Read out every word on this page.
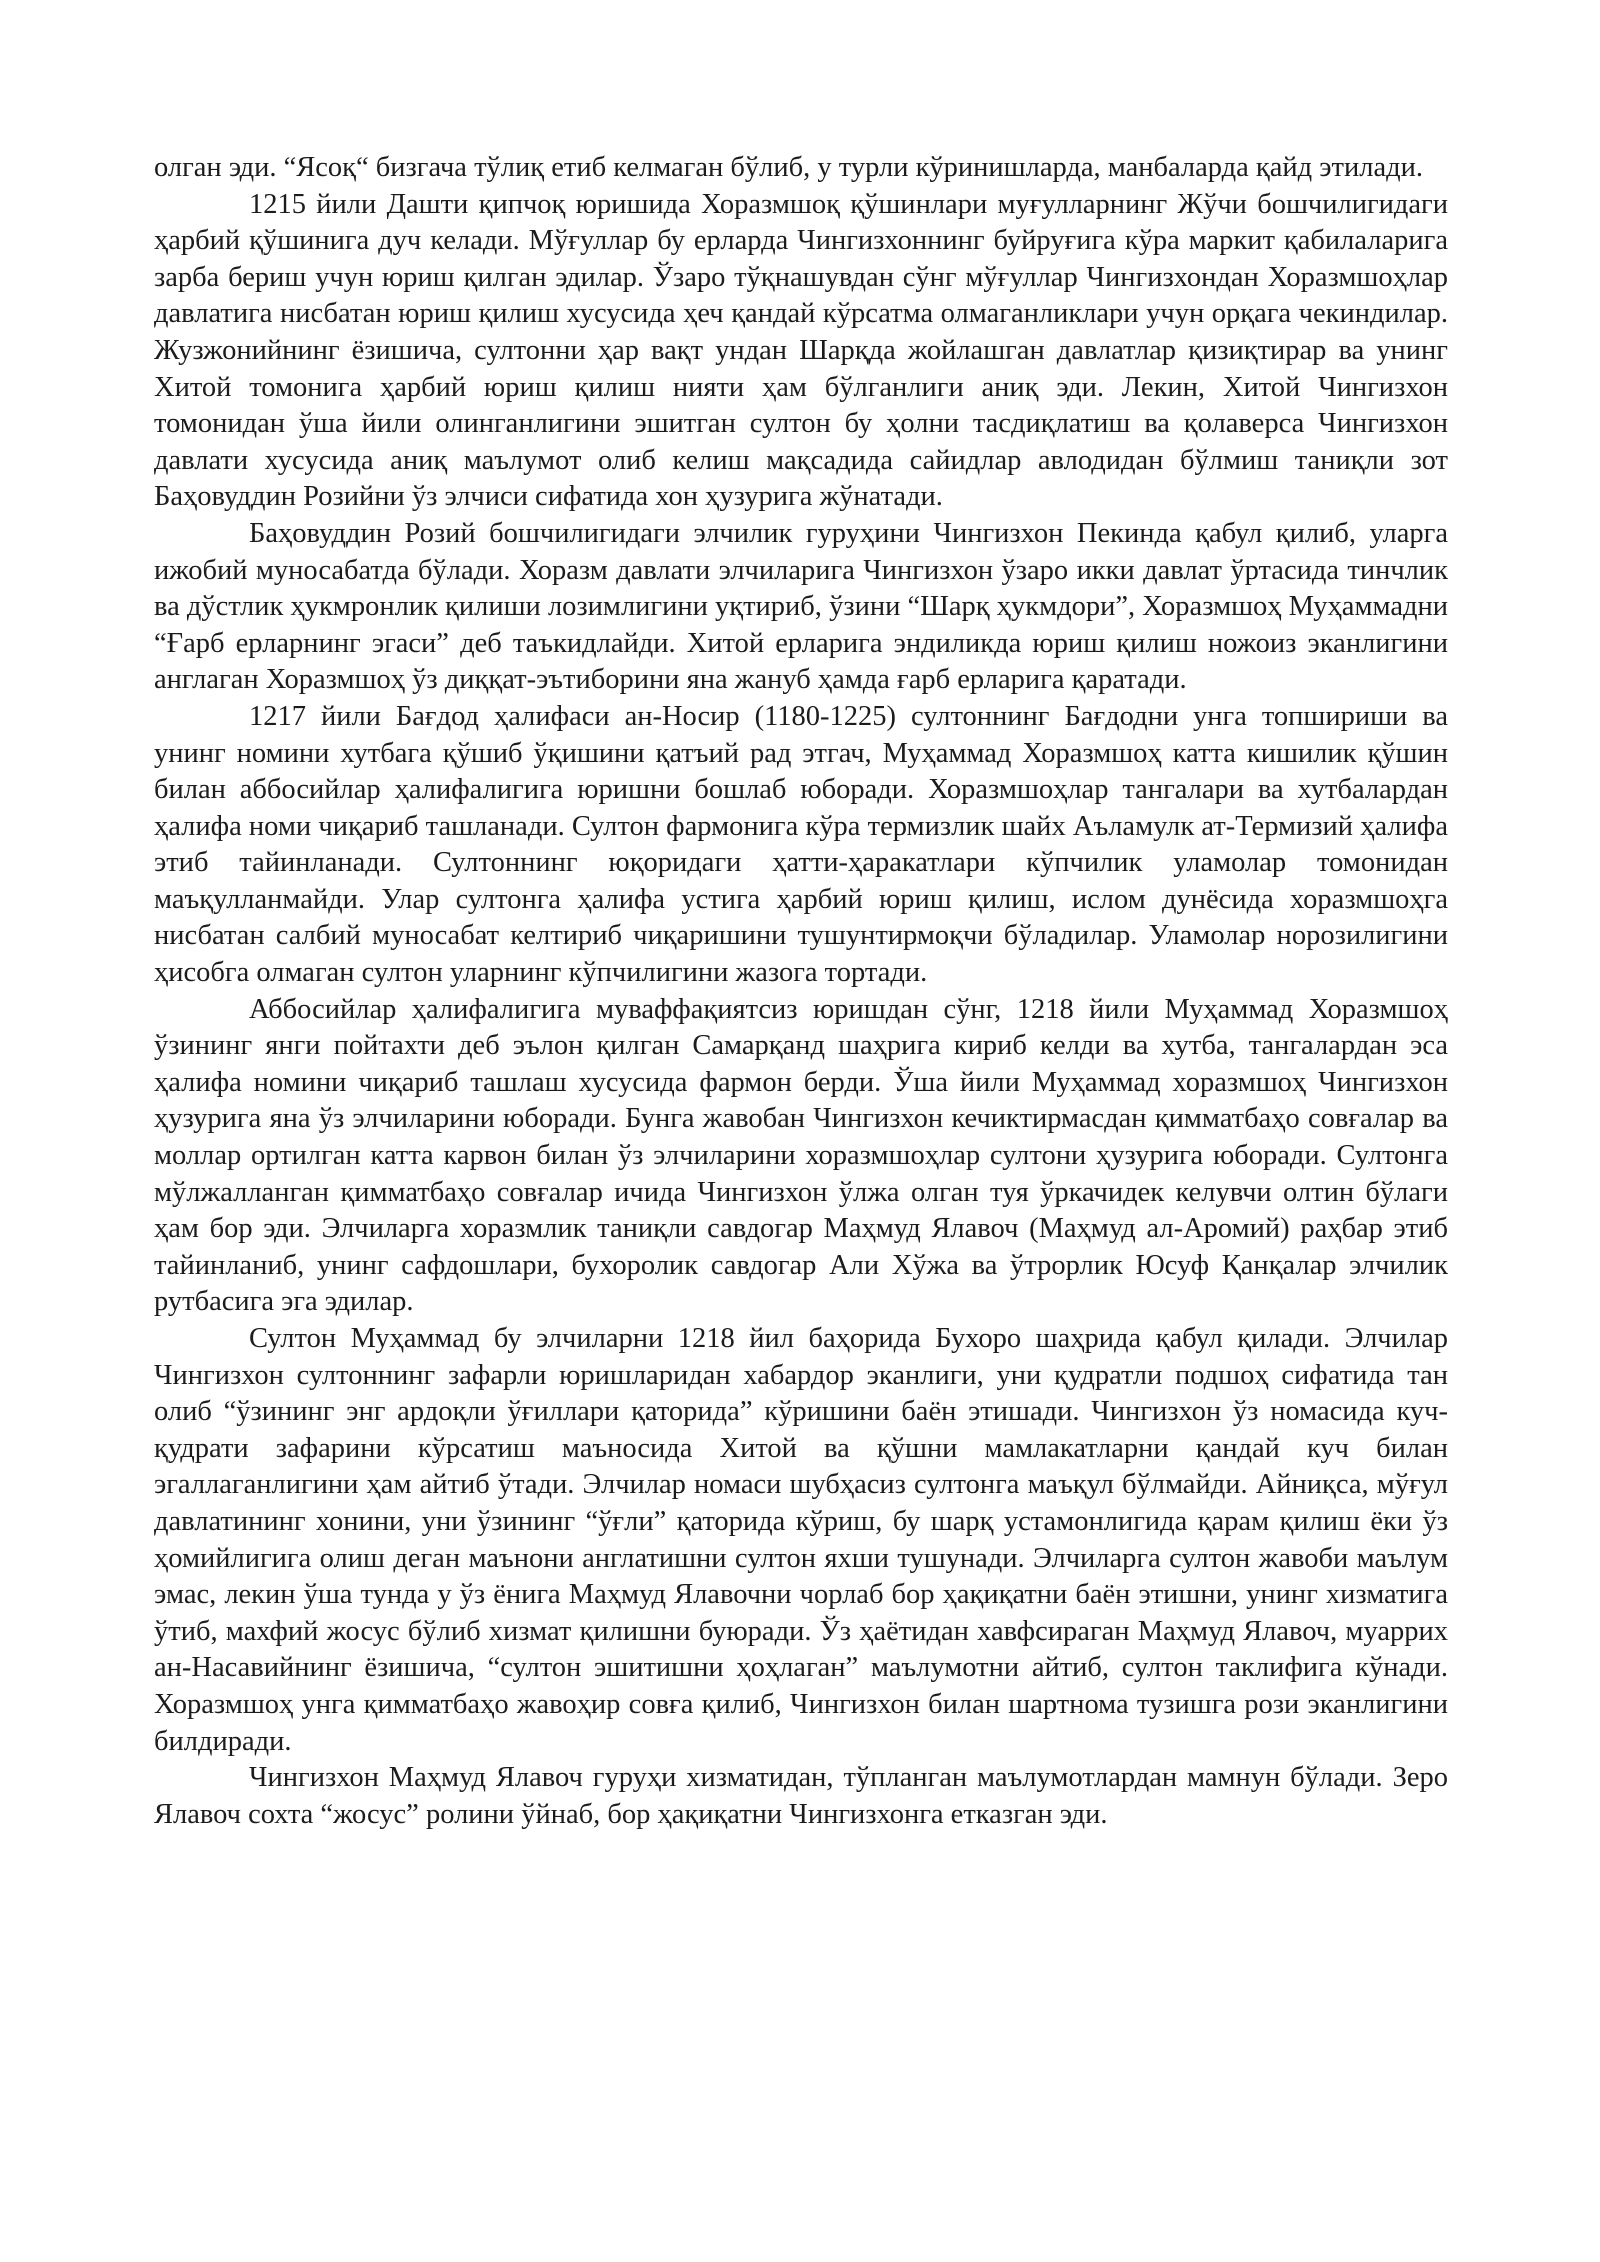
олган эди. “Ясоқ“ бизгача тўлиқ етиб келмаган бўлиб, у турли кўринишларда, манбаларда қайд этилади.

1215 йили Дашти қипчоқ юришида Хоразмшоқ қўшинлари муғулларнинг Жўчи бошчилигидаги ҳарбий қўшинига дуч келади. Мўғуллар бу ерларда Чингизхоннинг буйруғига кўра маркит қабилаларига зарба бериш учун юриш қилган эдилар. Ўзаро тўқнашувдан сўнг мўғуллар Чингизхондан Хоразмшоҳлар давлатига нисбатан юриш қилиш хусусида ҳеч қандай кўрсатма олмаганликлари учун орқага чекиндилар. Жузжонийнинг ёзишича, султонни ҳар вақт ундан Шарқда жойлашган давлатлар қизиқтирар ва унинг Хитой томонига ҳарбий юриш қилиш нияти ҳам бўлганлиги аниқ эди. Лекин, Хитой Чингизхон томонидан ўша йили олинганлигини эшитган султон бу ҳолни тасдиқлатиш ва қолаверса Чингизхон давлати хусусида аниқ маълумот олиб келиш мақсадида сайидлар авлодидан бўлмиш таниқли зот Баҳовуддин Розийни ўз элчиси сифатида хон ҳузурига жўнатади.

Баҳовуддин Розий бошчилигидаги элчилик гуруҳини Чингизхон Пекинда қабул қилиб, уларга ижобий муносабатда бўлади. Хоразм давлати элчиларига Чингизхон ўзаро икки давлат ўртасида тинчлик ва дўстлик ҳукмронлик қилиши лозимлигини уқтириб, ўзини “Шарқ ҳукмдори”, Хоразмшоҳ Муҳаммадни “Ғарб ерларнинг эгаси” деб таъкидлайди. Хитой ерларига эндиликда юриш қилиш ножоиз эканлигини англаган Хоразмшоҳ ўз диққат-эътиборини яна жануб ҳамда ғарб ерларига қаратади.

1217 йили Бағдод ҳалифаси ан-Носир (1180-1225) султоннинг Бағдодни унга топшириши ва унинг номини хутбага қўшиб ўқишини қатъий рад этгач, Муҳаммад Хоразмшоҳ катта кишилик қўшин билан аббосийлар ҳалифалигига юришни бошлаб юборади. Хоразмшоҳлар тангалари ва хутбалардан ҳалифа номи чиқариб ташланади. Султон фармонига кўра термизлик шайх Аъламулк ат-Термизий ҳалифа этиб тайинланади. Султоннинг юқоридаги ҳатти-ҳаракатлари кўпчилик уламолар томонидан маъқулланмайди. Улар султонга ҳалифа устига ҳарбий юриш қилиш, ислом дунёсида хоразмшоҳга нисбатан салбий муносабат келтириб чиқаришини тушунтирмоқчи бўладилар. Уламолар норозилигини ҳисобга олмаган султон уларнинг кўпчилигини жазога тортади.

Аббосийлар ҳалифалигига муваффақиятсиз юришдан сўнг, 1218 йили Муҳаммад Хоразмшоҳ ўзининг янги пойтахти деб эълон қилган Самарқанд шаҳрига кириб келди ва хутба, тангалардан эса ҳалифа номини чиқариб ташлаш хусусида фармон берди. Ўша йили Муҳаммад хоразмшоҳ Чингизхон ҳузурига яна ўз элчиларини юборади. Бунга жавобан Чингизхон кечиктирмасдан қимматбаҳо совғалар ва моллар ортилган катта карвон билан ўз элчиларини хоразмшоҳлар султони ҳузурига юборади. Султонга мўлжалланган қимматбаҳо совғалар ичида Чингизхон ўлжа олган туя ўркачидек келувчи олтин бўлаги ҳам бор эди. Элчиларга хоразмлик таниқли савдогар Маҳмуд Ялавоч (Маҳмуд ал-Аромий) раҳбар этиб тайинланиб, унинг сафдошлари, бухоролик савдогар Али Хўжа ва ўтрорлик Юсуф Қанқалар элчилик рутбасига эга эдилар.

Султон Муҳаммад бу элчиларни 1218 йил баҳорида Бухоро шаҳрида қабул қилади. Элчилар Чингизхон султоннинг зафарли юришларидан хабардор эканлиги, уни қудратли подшоҳ сифатида тан олиб “ўзининг энг ардоқли ўғиллари қаторида” кўришини баён этишади. Чингизхон ўз номасида куч-қудрати зафарини кўрсатиш маъносида Хитой ва қўшни мамлакатларни қандай куч билан эгаллаганлигини ҳам айтиб ўтади. Элчилар номаси шубҳасиз султонга маъқул бўлмайди. Айниқса, мўғул давлатининг хонини, уни ўзининг “ўғли” қаторида кўриш, бу шарқ устамонлигида қарам қилиш ёки ўз ҳомийлигига олиш деган маънони англатишни султон яхши тушунади. Элчиларга султон жавоби маълум эмас, лекин ўша тунда у ўз ёнига Маҳмуд Ялавочни чорлаб бор ҳақиқатни баён этишни, унинг хизматига ўтиб, махфий жосус бўлиб хизмат қилишни буюради. Ўз ҳаётидан хавфсираган Маҳмуд Ялавоч, муаррих ан-Насавийнинг ёзишича, “султон эшитишни ҳоҳлаган” маълумотни айтиб, султон таклифига кўнади. Хоразмшоҳ унга қимматбаҳо жавоҳир совға қилиб, Чингизхон билан шартнома тузишга рози эканлигини билдиради.

Чингизхон Маҳмуд Ялавоч гуруҳи хизматидан, тўпланган маълумотлардан мамнун бўлади. Зеро Ялавоч сохта “жосус” ролини ўйнаб, бор ҳақиқатни Чингизхонга етказган эди.
